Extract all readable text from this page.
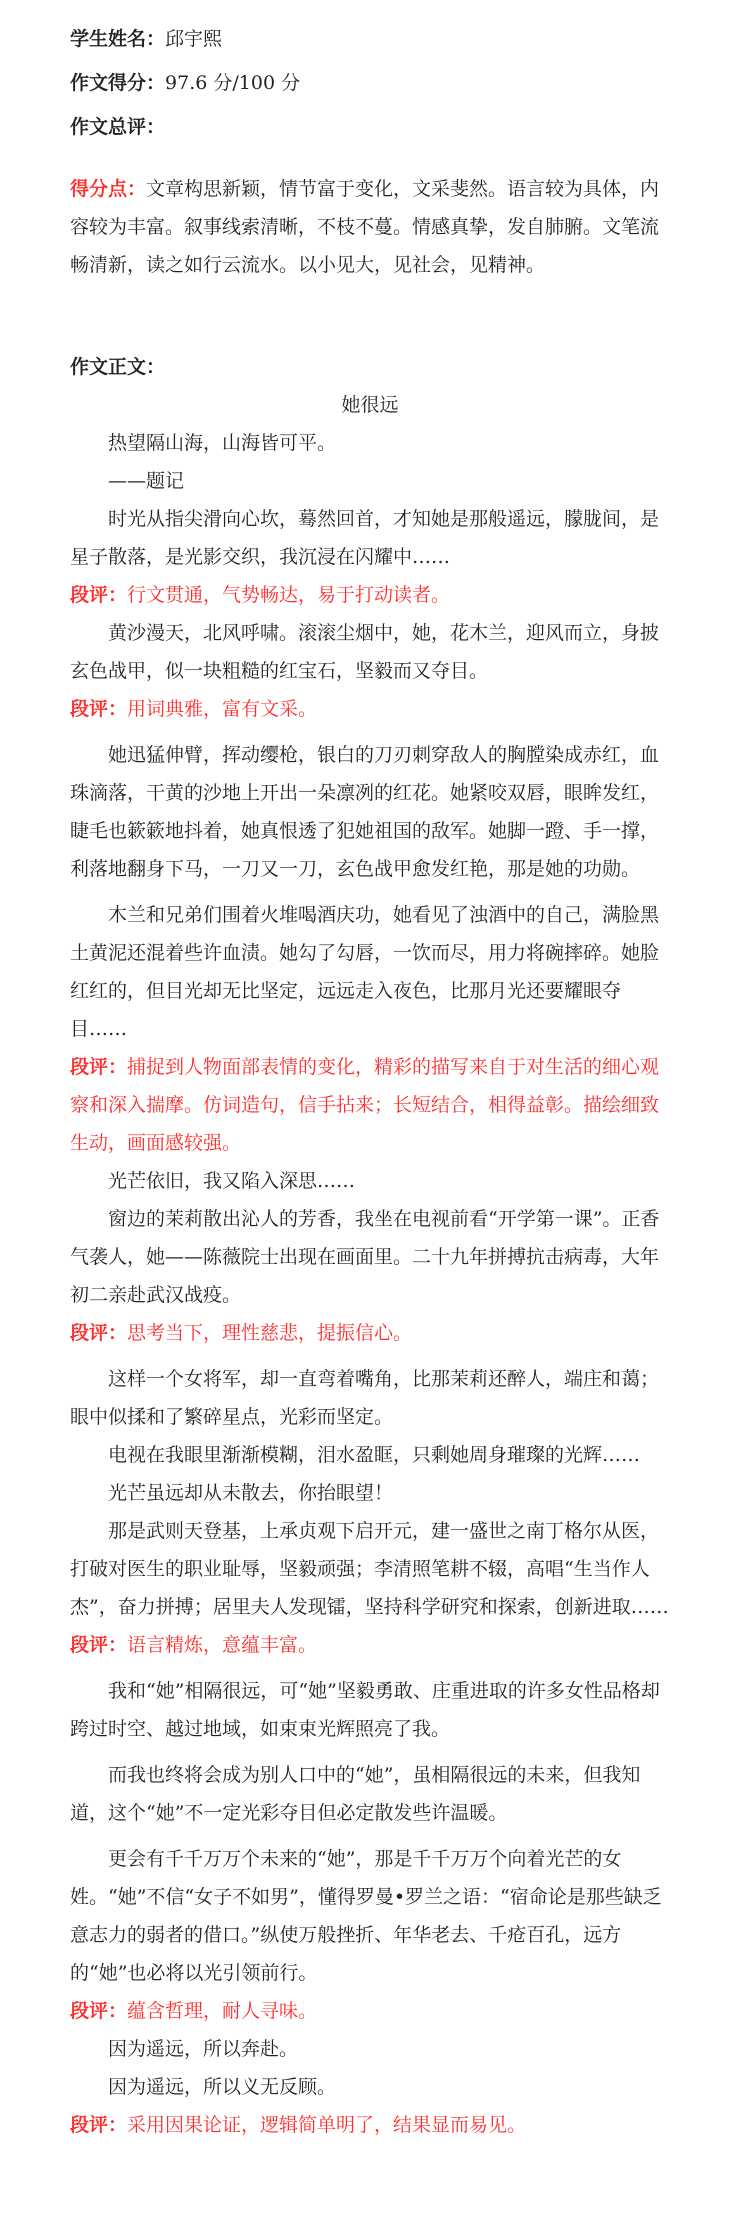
学生姓名：邱宇熙

作文得分：97.6 分/100 分

作文总评：

得分点：文章构思新颖，情节富于变化，文采斐然。语言较为具体，内容较为丰富。叙事线索清晰，不枝不蔓。情感真挚，发自肺腑。文笔流畅清新，读之如行云流水。以小见大，见社会，见精神。

作文正文：

她很远

热望隔山海，山海皆可平。

——题记

时光从指尖滑向心坎，蓦然回首，才知她是那般遥远，朦胧间，是星子散落，是光影交织，我沉浸在闪耀中……

段评：行文贯通，气势畅达，易于打动读者。

黄沙漫天，北风呼啸。滚滚尘烟中，她，花木兰，迎风而立，身披玄色战甲，似一块粗糙的红宝石，坚毅而又夺目。

段评：用词典雅，富有文采。

她迅猛伸臂，挥动缨枪，银白的刀刃刺穿敌人的胸膛染成赤红，血珠滴落，干黄的沙地上开出一朵凛冽的红花。她紧咬双唇，眼眸发红，睫毛也簌簌地抖着，她真恨透了犯她祖国的敌军。她脚一蹬、手一撑，利落地翻身下马，一刀又一刀，玄色战甲愈发红艳，那是她的功勋。

木兰和兄弟们围着火堆喝酒庆功，她看见了浊酒中的自己，满脸黑土黄泥还混着些许血渍。她勾了勾唇，一饮而尽，用力将碗摔碎。她脸红红的，但目光却无比坚定，远远走入夜色，比那月光还要耀眼夺目……

段评：捕捉到人物面部表情的变化，精彩的描写来自于对生活的细心观察和深入揣摩。仿词造句，信手拈来；长短结合，相得益彰。描绘细致生动，画面感较强。

光芒依旧，我又陷入深思……

窗边的茉莉散出沁人的芳香，我坐在电视前看“开学第一课”。正香气袭人，她——陈薇院士出现在画面里。二十九年拼搏抗击病毒，大年初二亲赴武汉战疫。

段评：思考当下，理性慈悲，提振信心。

这样一个女将军，却一直弯着嘴角，比那茉莉还醉人，端庄和蔼；眼中似揉和了繁碎星点，光彩而坚定。

电视在我眼里渐渐模糊，泪水盈眶，只剩她周身璀璨的光辉……

光芒虽远却从未散去，你抬眼望！

那是武则天登基，上承贞观下启开元，建一盛世之南丁格尔从医，打破对医生的职业耻辱，坚毅顽强；李清照笔耕不辍，高唱“生当作人杰”，奋力拼搏；居里夫人发现镭，坚持科学研究和探索，创新进取……

段评：语言精炼，意蕴丰富。

我和“她”相隔很远，可“她”坚毅勇敢、庄重进取的许多女性品格却跨过时空、越过地域，如束束光辉照亮了我。

而我也终将会成为别人口中的“她”，虽相隔很远的未来，但我知道，这个“她”不一定光彩夺目但必定散发些许温暖。

更会有千千万万个未来的“她”，那是千千万万个向着光芒的女姓。“她”不信“女子不如男”，懂得罗曼•罗兰之语：“宿命论是那些缺乏意志力的弱者的借口。”纵使万般挫折、年华老去、千疮百孔，远方的“她”也必将以光引领前行。

段评：蕴含哲理，耐人寻味。

因为遥远，所以奔赴。

因为遥远，所以义无反顾。

段评：采用因果论证，逻辑简单明了，结果显而易见。
